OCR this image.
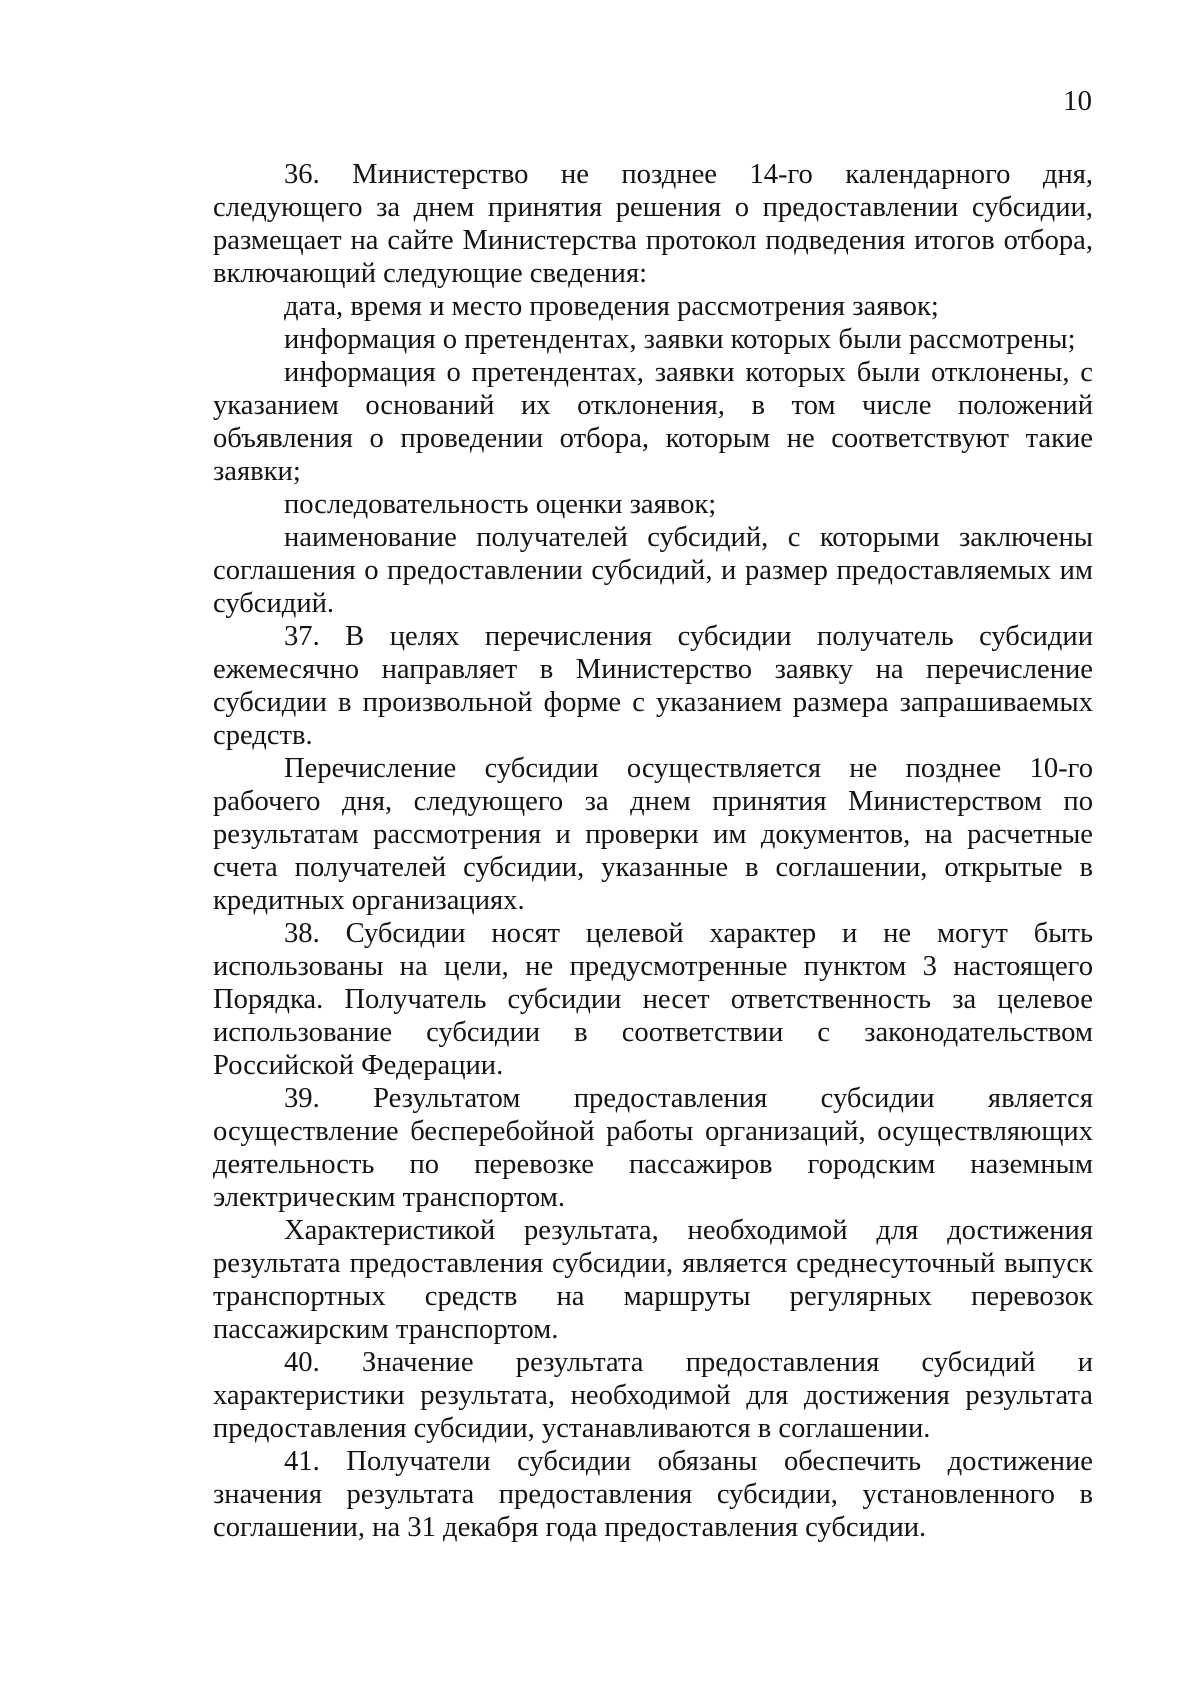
10

36. Министерство не позднее 14-го календарного дня, следующего за днем принятия решения о предоставлении субсидии, размещает на сайте Министерства протокол подведения итогов отбора, включающий следующие сведения:

дата, время и место проведения рассмотрения заявок;

информация о претендентах, заявки которых были рассмотрены;

информация о претендентах, заявки которых были отклонены, с указанием оснований их отклонения, в том числе положений объявления о проведении отбора, которым не соответствуют такие заявки;

последовательность оценки заявок;

наименование получателей субсидий, с которыми заключены соглашения о предоставлении субсидий, и размер предоставляемых им субсидий.

37. В целях перечисления субсидии получатель субсидии ежемесячно направляет в Министерство заявку на перечисление субсидии в произвольной форме с указанием размера запрашиваемых средств.

Перечисление субсидии осуществляется не позднее 10-го рабочего дня, следующего за днем принятия Министерством по результатам рассмотрения и проверки им документов, на расчетные счета получателей субсидии, указанные в соглашении, открытые в кредитных организациях.

38. Субсидии носят целевой характер и не могут быть использованы на цели, не предусмотренные пунктом 3 настоящего Порядка. Получатель субсидии несет ответственность за целевое использование субсидии в соответствии с законодательством Российской Федерации.

39. Результатом предоставления субсидии является осуществление бесперебойной работы организаций, осуществляющих деятельность по перевозке пассажиров городским наземным электрическим транспортом.

Характеристикой результата, необходимой для достижения результата предоставления субсидии, является среднесуточный выпуск транспортных средств на маршруты регулярных перевозок пассажирским транспортом.

40. Значение результата предоставления субсидий и характеристики результата, необходимой для достижения результата предоставления субсидии, устанавливаются в соглашении.

41. Получатели субсидии обязаны обеспечить достижение значения результата предоставления субсидии, установленного в соглашении, на 31 декабря года предоставления субсидии.
